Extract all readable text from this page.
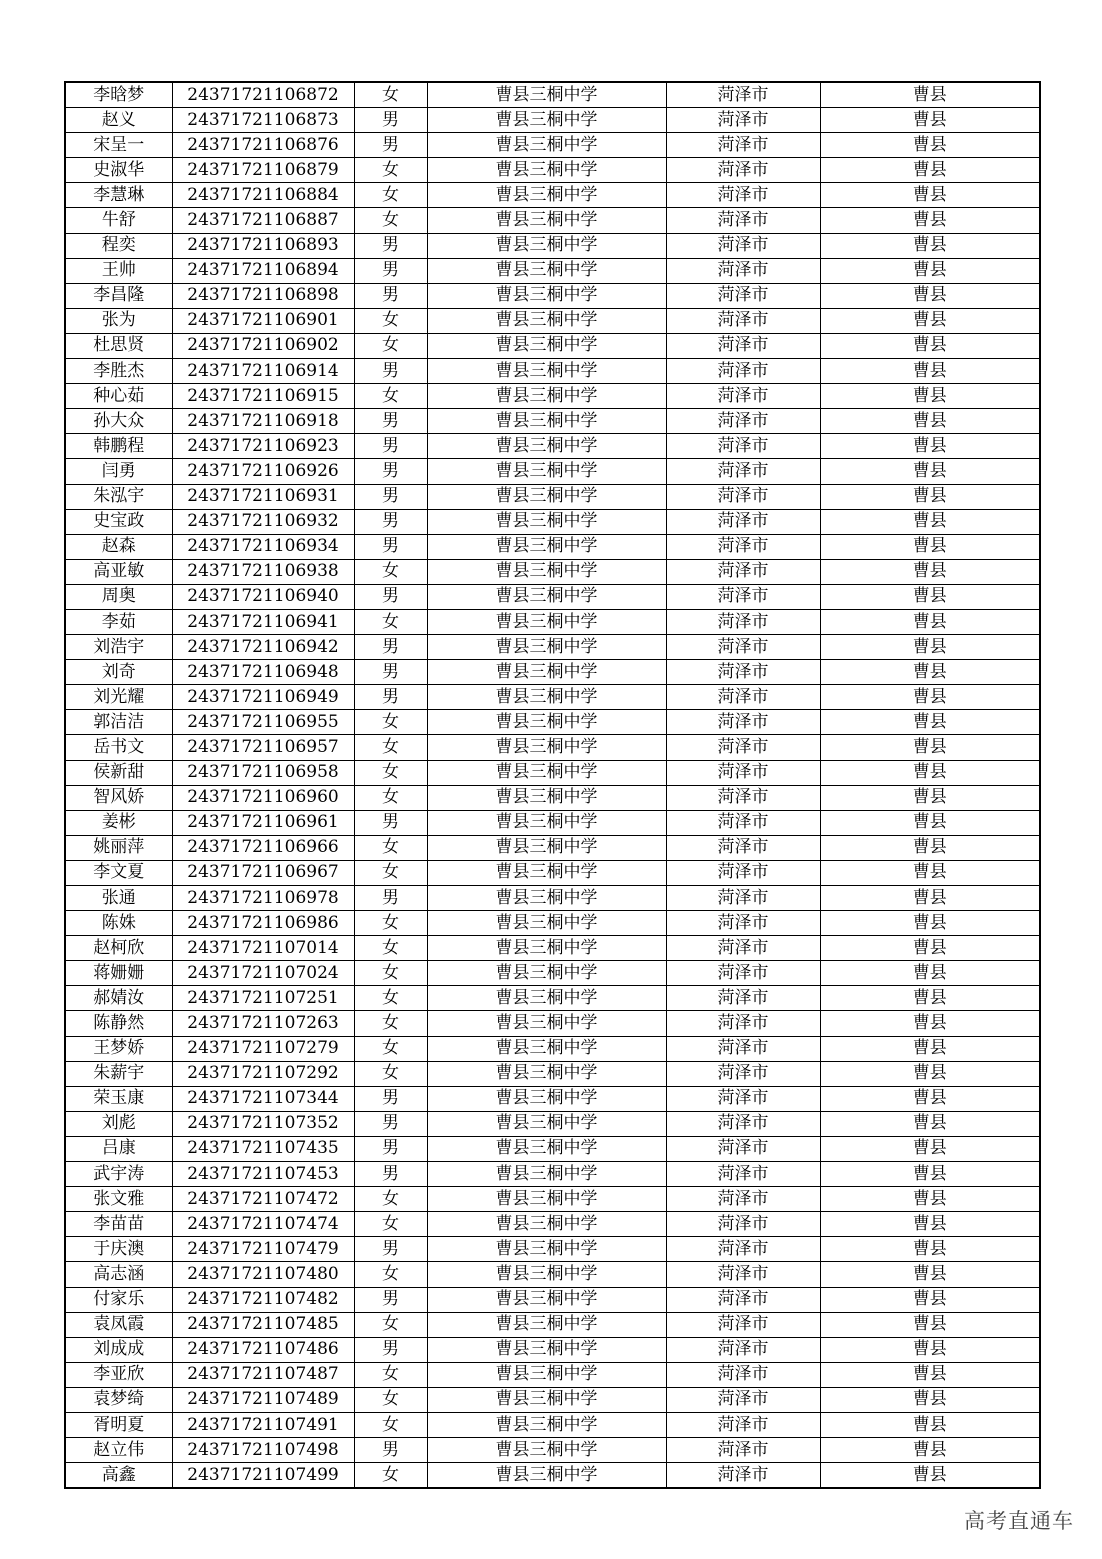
李晗梦	24371721106872	女	曹县三桐中学	菏泽市	曹县
赵义	24371721106873	男	曹县三桐中学	菏泽市	曹县
宋呈一	24371721106876	男	曹县三桐中学	菏泽市	曹县
史淑华	24371721106879	女	曹县三桐中学	菏泽市	曹县
李慧琳	24371721106884	女	曹县三桐中学	菏泽市	曹县
牛舒	24371721106887	女	曹县三桐中学	菏泽市	曹县
程奕	24371721106893	男	曹县三桐中学	菏泽市	曹县
王帅	24371721106894	男	曹县三桐中学	菏泽市	曹县
李昌隆	24371721106898	男	曹县三桐中学	菏泽市	曹县
张为	24371721106901	女	曹县三桐中学	菏泽市	曹县
杜思贤	24371721106902	女	曹县三桐中学	菏泽市	曹县
李胜杰	24371721106914	男	曹县三桐中学	菏泽市	曹县
种心茹	24371721106915	女	曹县三桐中学	菏泽市	曹县
孙大众	24371721106918	男	曹县三桐中学	菏泽市	曹县
韩鹏程	24371721106923	男	曹县三桐中学	菏泽市	曹县
闫勇	24371721106926	男	曹县三桐中学	菏泽市	曹县
朱泓宇	24371721106931	男	曹县三桐中学	菏泽市	曹县
史宝政	24371721106932	男	曹县三桐中学	菏泽市	曹县
赵森	24371721106934	男	曹县三桐中学	菏泽市	曹县
高亚敏	24371721106938	女	曹县三桐中学	菏泽市	曹县
周奥	24371721106940	男	曹县三桐中学	菏泽市	曹县
李茹	24371721106941	女	曹县三桐中学	菏泽市	曹县
刘浩宇	24371721106942	男	曹县三桐中学	菏泽市	曹县
刘奇	24371721106948	男	曹县三桐中学	菏泽市	曹县
刘光耀	24371721106949	男	曹县三桐中学	菏泽市	曹县
郭洁洁	24371721106955	女	曹县三桐中学	菏泽市	曹县
岳书文	24371721106957	女	曹县三桐中学	菏泽市	曹县
侯新甜	24371721106958	女	曹县三桐中学	菏泽市	曹县
智风娇	24371721106960	女	曹县三桐中学	菏泽市	曹县
姜彬	24371721106961	男	曹县三桐中学	菏泽市	曹县
姚丽萍	24371721106966	女	曹县三桐中学	菏泽市	曹县
李文夏	24371721106967	女	曹县三桐中学	菏泽市	曹县
张通	24371721106978	男	曹县三桐中学	菏泽市	曹县
陈姝	24371721106986	女	曹县三桐中学	菏泽市	曹县
赵柯欣	24371721107014	女	曹县三桐中学	菏泽市	曹县
蒋姗姗	24371721107024	女	曹县三桐中学	菏泽市	曹县
郝婧汝	24371721107251	女	曹县三桐中学	菏泽市	曹县
陈静然	24371721107263	女	曹县三桐中学	菏泽市	曹县
王梦娇	24371721107279	女	曹县三桐中学	菏泽市	曹县
朱薪宇	24371721107292	女	曹县三桐中学	菏泽市	曹县
荣玉康	24371721107344	男	曹县三桐中学	菏泽市	曹县
刘彪	24371721107352	男	曹县三桐中学	菏泽市	曹县
吕康	24371721107435	男	曹县三桐中学	菏泽市	曹县
武宇涛	24371721107453	男	曹县三桐中学	菏泽市	曹县
张文雅	24371721107472	女	曹县三桐中学	菏泽市	曹县
李苗苗	24371721107474	女	曹县三桐中学	菏泽市	曹县
于庆澳	24371721107479	男	曹县三桐中学	菏泽市	曹县
高志涵	24371721107480	女	曹县三桐中学	菏泽市	曹县
付家乐	24371721107482	男	曹县三桐中学	菏泽市	曹县
袁凤霞	24371721107485	女	曹县三桐中学	菏泽市	曹县
刘成成	24371721107486	男	曹县三桐中学	菏泽市	曹县
李亚欣	24371721107487	女	曹县三桐中学	菏泽市	曹县
袁梦绮	24371721107489	女	曹县三桐中学	菏泽市	曹县
胥明夏	24371721107491	女	曹县三桐中学	菏泽市	曹县
赵立伟	24371721107498	男	曹县三桐中学	菏泽市	曹县
高鑫	24371721107499	女	曹县三桐中学	菏泽市	曹县
高考直通车
